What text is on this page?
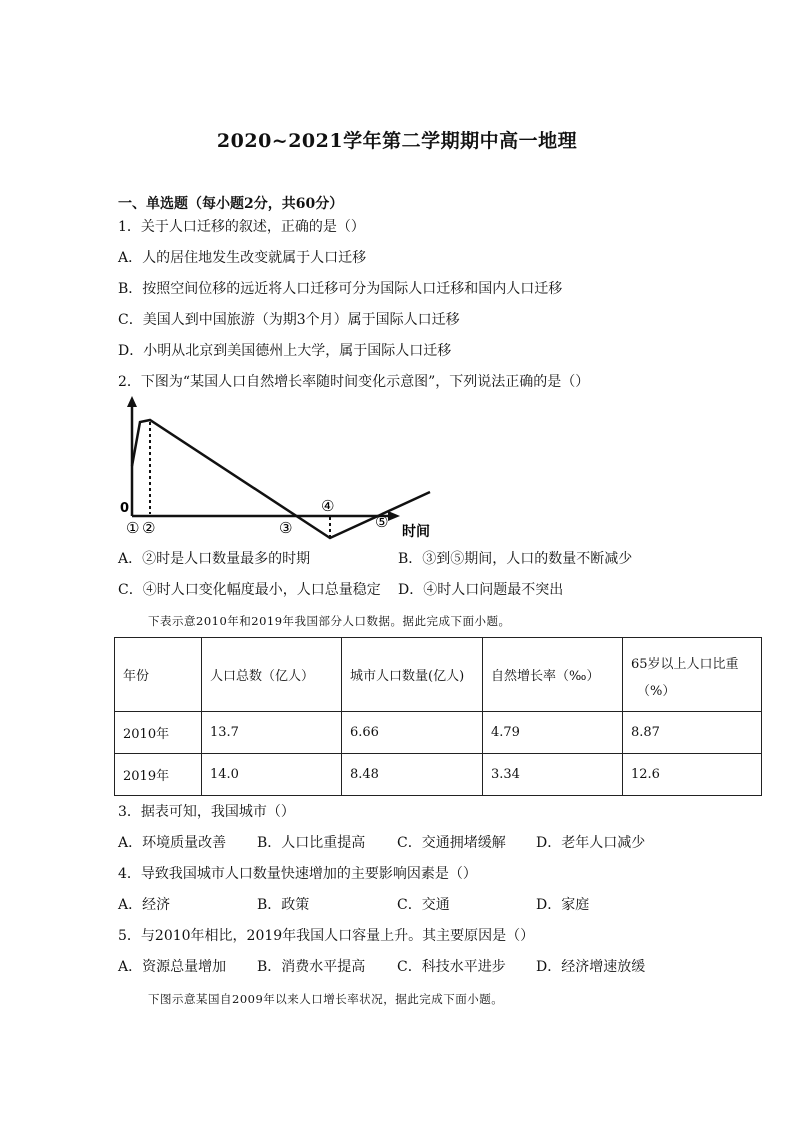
2020~2021学年第二学期期中高一地理
一、单选题（每小题2分，共60分）
1．关于人口迁移的叙述，正确的是（）
A．人的居住地发生改变就属于人口迁移
B．按照空间位移的远近将人口迁移可分为国际人口迁移和国内人口迁移
C．美国人到中国旅游（为期3个月）属于国际人口迁移
D．小明从北京到美国德州上大学，属于国际人口迁移
2．下图为“某国人口自然增长率随时间变化示意图”，下列说法正确的是（）
0
① ②	③
④
⑤
时间
A．②时是人口数量最多的时期	B．③到⑤期间，人口的数量不断减少
C．④时人口变化幅度最小，人口总量稳定 D．④时人口问题最不突出
下表示意2010年和2019年我国部分人口数据。据此完成下面小题。
年份	人口总数（亿人）	城市人口数量(亿人)	自然增长率（‰）	65岁以上人口比重
（%）

2010年	13.7	6.66	4.79	8.87
2019年	14.0	8.48	3.34	12.6
3．据表可知，我国城市（）
A．环境质量改善 B．人口比重提高 C．交通拥堵缓解 D．老年人口减少
4．导致我国城市人口数量快速增加的主要影响因素是（）
A．经济	B．政策	C．交通	D．家庭
5．与2010年相比，2019年我国人口容量上升。其主要原因是（）
A．资源总量增加 B．消费水平提高 C．科技水平进步 D．经济增速放缓
下图示意某国自2009年以来人口增长率状况，据此完成下面小题。
